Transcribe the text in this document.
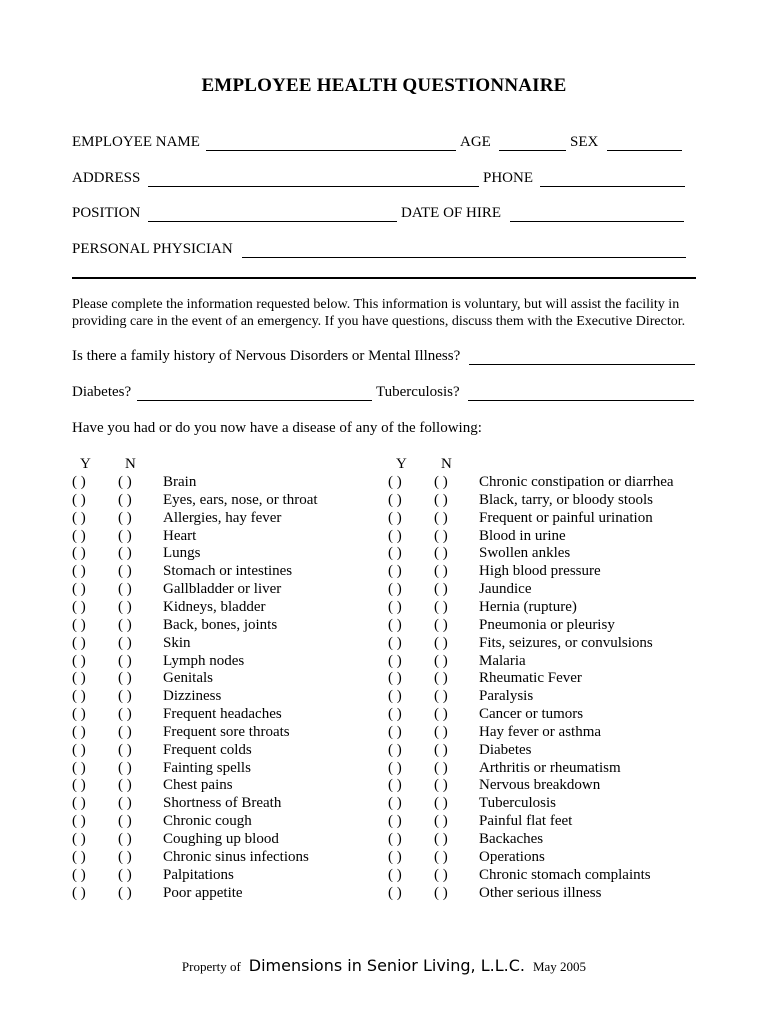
EMPLOYEE HEALTH QUESTIONNAIRE
EMPLOYEE NAME	AGE	SEX
ADDRESS	PHONE
POSITION	DATE OF HIRE
PERSONAL PHYSICIAN
Please complete the information requested below. This information is voluntary, but will assist the facility in
providing care in the event of an emergency. If you have questions, discuss them with the Executive Director.
Is there a family history of Nervous Disorders or Mental Illness?
Diabetes?	Tuberculosis?
Have you had or do you now have a disease of any of the following:
Y N	Y N
( ) ( ) Brain
( ) ( ) Eyes, ears, nose, or throat
( ) ( ) Allergies, hay fever
( ) ( ) Heart
( ) ( ) Lungs
( ) ( ) Stomach or intestines
( ) ( ) Gallbladder or liver
( ) ( ) Kidneys, bladder
( ) ( ) Back, bones, joints
( ) ( ) Skin
( ) ( ) Lymph nodes
( ) ( ) Genitals
( ) ( ) Dizziness
( ) ( ) Frequent headaches
( ) ( ) Frequent sore throats
( ) ( ) Frequent colds
( ) ( ) Fainting spells
( ) ( ) Chest pains
( ) ( ) Shortness of Breath
( ) ( ) Chronic cough
( ) ( ) Coughing up blood
( ) ( ) Chronic sinus infections
( ) ( ) Palpitations
( ) ( ) Poor appetite
( ) ( ) Chronic constipation or diarrhea
( ) ( ) Black, tarry, or bloody stools
( ) ( ) Frequent or painful urination
( ) ( ) Blood in urine
( ) ( ) Swollen ankles
( ) ( ) High blood pressure
( ) ( ) Jaundice
( ) ( ) Hernia (rupture)
( ) ( ) Pneumonia or pleurisy
( ) ( ) Fits, seizures, or convulsions
( ) ( ) Malaria
( ) ( ) Rheumatic Fever
( ) ( ) Paralysis
( ) ( ) Cancer or tumors
( ) ( ) Hay fever or asthma
( ) ( ) Diabetes
( ) ( ) Arthritis or rheumatism
( ) ( ) Nervous breakdown
( ) ( ) Tuberculosis
( ) ( ) Painful flat feet
( ) ( ) Backaches
( ) ( ) Operations
( ) ( ) Chronic stomach complaints
( ) ( ) Other serious illness
Property of Dimensions in Senior Living, L.L.C. May 2005
